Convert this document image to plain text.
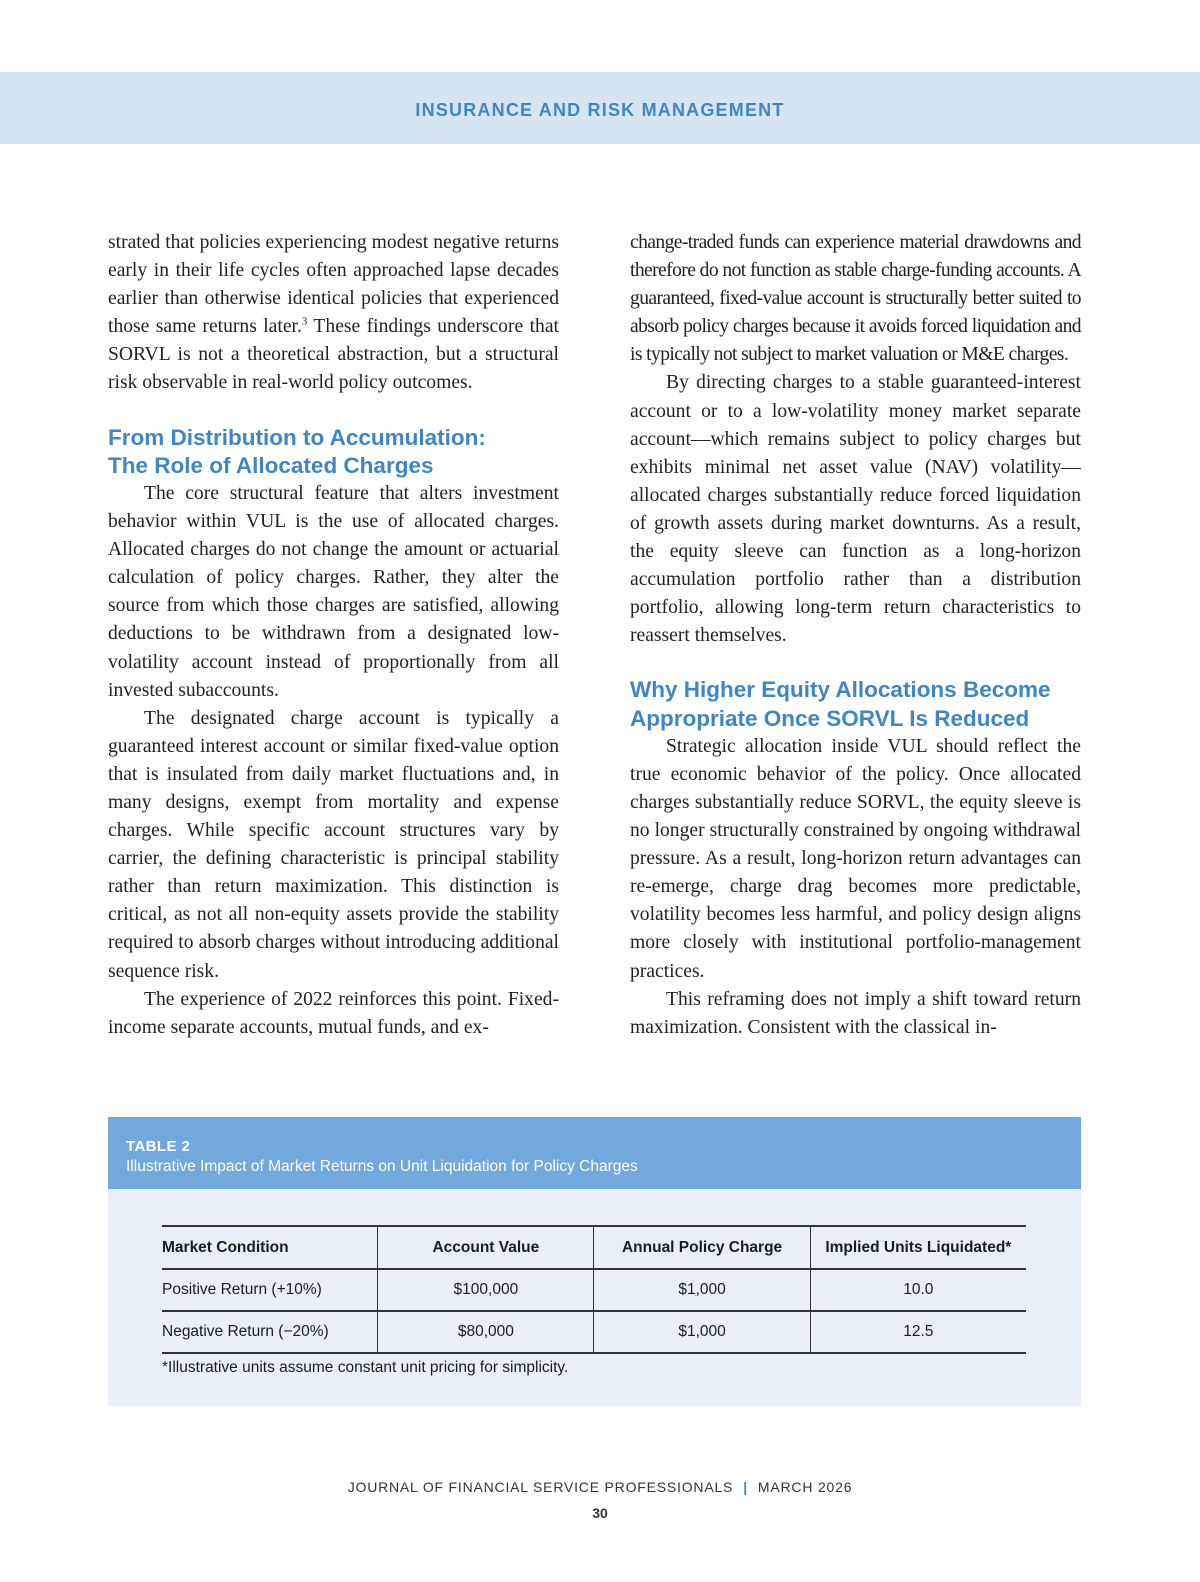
INSURANCE AND RISK MANAGEMENT

strated that policies experiencing modest negative returns early in their life cycles often approached lapse decades earlier than otherwise identical policies that experienced those same returns later.$^3$ These findings underscore that SORVL is not a theoretical abstraction, but a structural risk observable in real-world policy outcomes.

From Distribution to Accumulation:
The Role of Allocated Charges

The core structural feature that alters investment behavior within VUL is the use of allocated charges. Allocated charges do not change the amount or actuarial calculation of policy charges. Rather, they alter the source from which those charges are satisfied, allowing deductions to be withdrawn from a designated low-volatility account instead of proportionally from all invested subaccounts.

The designated charge account is typically a guaranteed interest account or similar fixed-value option that is insulated from daily market fluctuations and, in many designs, exempt from mortality and expense charges. While specific account structures vary by carrier, the defining characteristic is principal stability rather than return maximization. This distinction is critical, as not all non-equity assets provide the stability required to absorb charges without introducing additional sequence risk.

The experience of 2022 reinforces this point. Fixed-income separate accounts, mutual funds, and ex-

change-traded funds can experience material drawdowns and therefore do not function as stable charge-funding accounts. A guaranteed, fixed-value account is structurally better suited to absorb policy charges because it avoids forced liquidation and is typically not subject to market valuation or M&E charges.

By directing charges to a stable guaranteed-interest account or to a low-volatility money market separate account—which remains subject to policy charges but exhibits minimal net asset value (NAV) volatility—allocated charges substantially reduce forced liquidation of growth assets during market downturns. As a result, the equity sleeve can function as a long-horizon accumulation portfolio rather than a distribution portfolio, allowing long-term return characteristics to reassert themselves.

Why Higher Equity Allocations Become
Appropriate Once SORVL Is Reduced

Strategic allocation inside VUL should reflect the true economic behavior of the policy. Once allocated charges substantially reduce SORVL, the equity sleeve is no longer structurally constrained by ongoing withdrawal pressure. As a result, long-horizon return advantages can re-emerge, charge drag becomes more predictable, volatility becomes less harmful, and policy design aligns more closely with institutional portfolio-management practices.

This reframing does not imply a shift toward return maximization. Consistent with the classical in-

TABLE 2
Illustrative Impact of Market Returns on Unit Liquidation for Policy Charges
Market Condition	Account Value	Annual Policy Charge	Implied Units Liquidated*
Positive Return (+10%)	$100,000	$1,000	10.0
Negative Return (−20%)	$80,000	$1,000	12.5
*Illustrative units assume constant unit pricing for simplicity.
JOURNAL OF FINANCIAL SERVICE PROFESSIONALS | MARCH 2026
30
